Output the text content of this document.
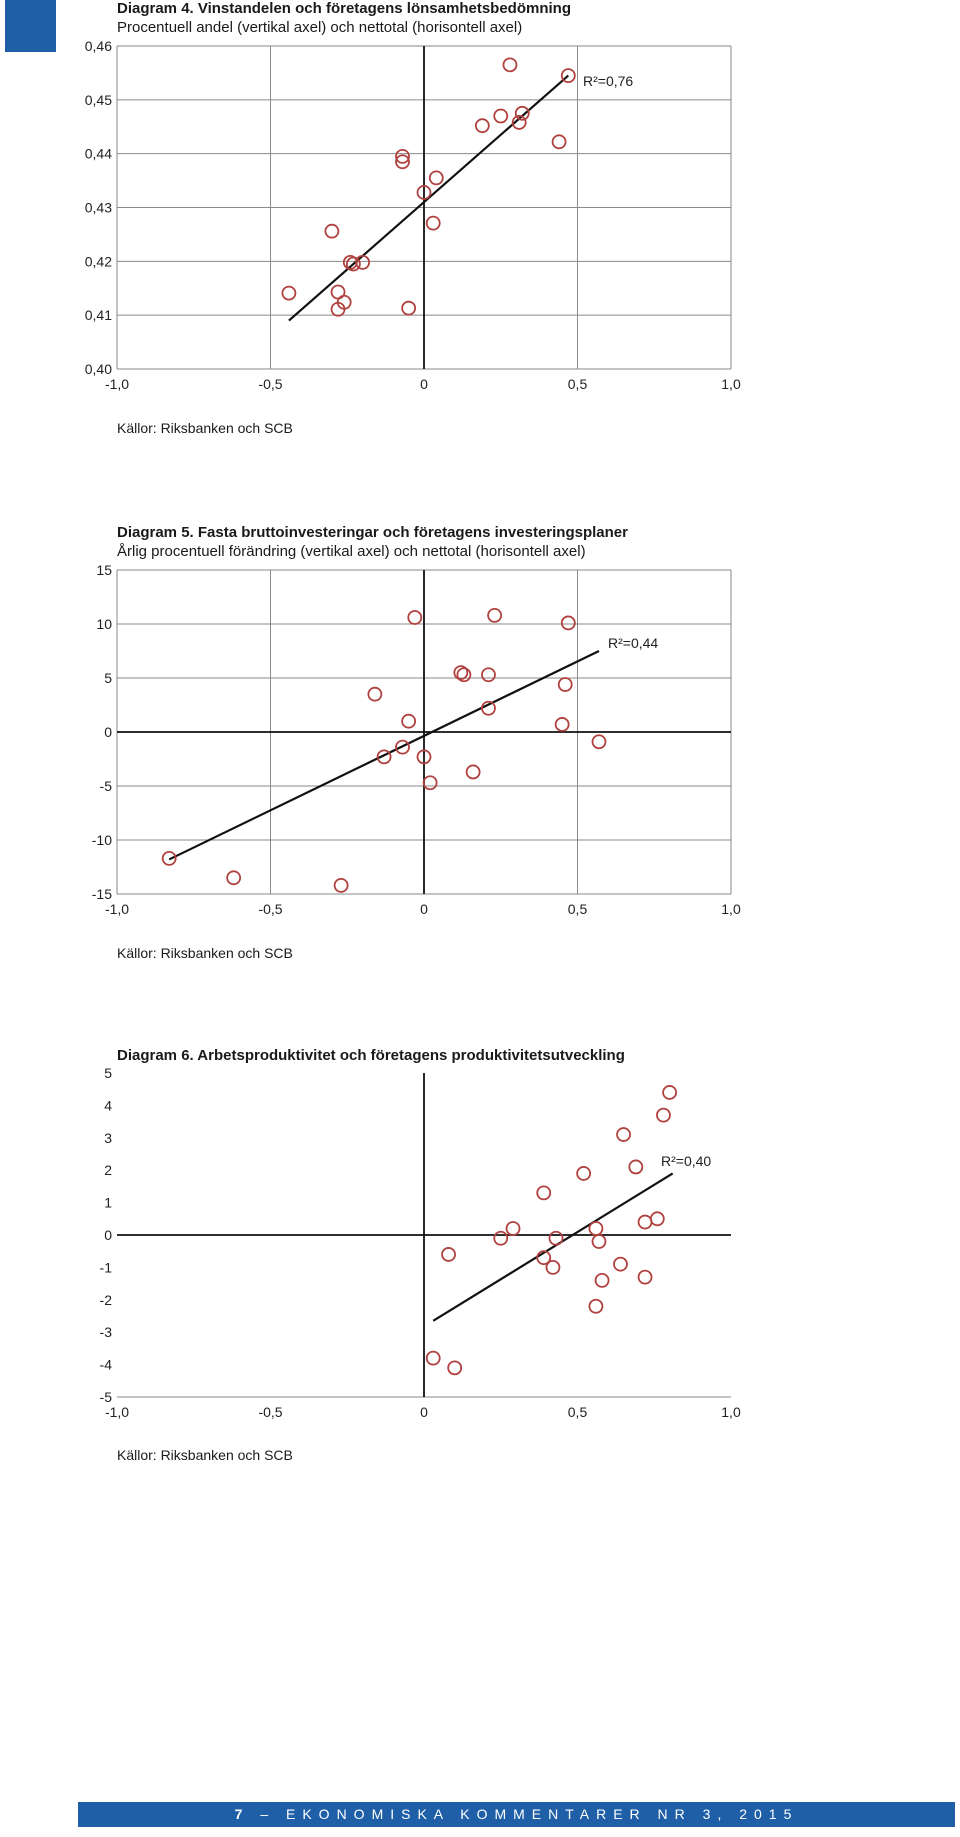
Diagram 4. Vinstandelen och företagens lönsamhetsbedömning
Procentuell andel (vertikal axel) och nettotal (horisontell axel)
0,40
0,41
0,42
0,43
0,44
0,45
0,46
-1,0	-0,5	0	0,5	1,0
R²=0,76
Källor: Riksbanken och SCB
Diagram 5. Fasta bruttoinvesteringar och företagens investeringsplaner
Årlig procentuell förändring (vertikal axel) och nettotal (horisontell axel)
-15
-10
-5
0
5
10
15
-1,0	-0,5	0	0,5	1,0
R²=0,44
Källor: Riksbanken och SCB
Diagram 6. Arbetsproduktivitet och företagens produktivitetsutveckling
-5
-4
-3
-2
-1
0
1
2
3
4
5
-1,0	-0,5	0	0,5	1,0
R²=0,40
Källor: Riksbanken och SCB
7 – EKONOMISKA KOMMENTARER NR 3, 2015
